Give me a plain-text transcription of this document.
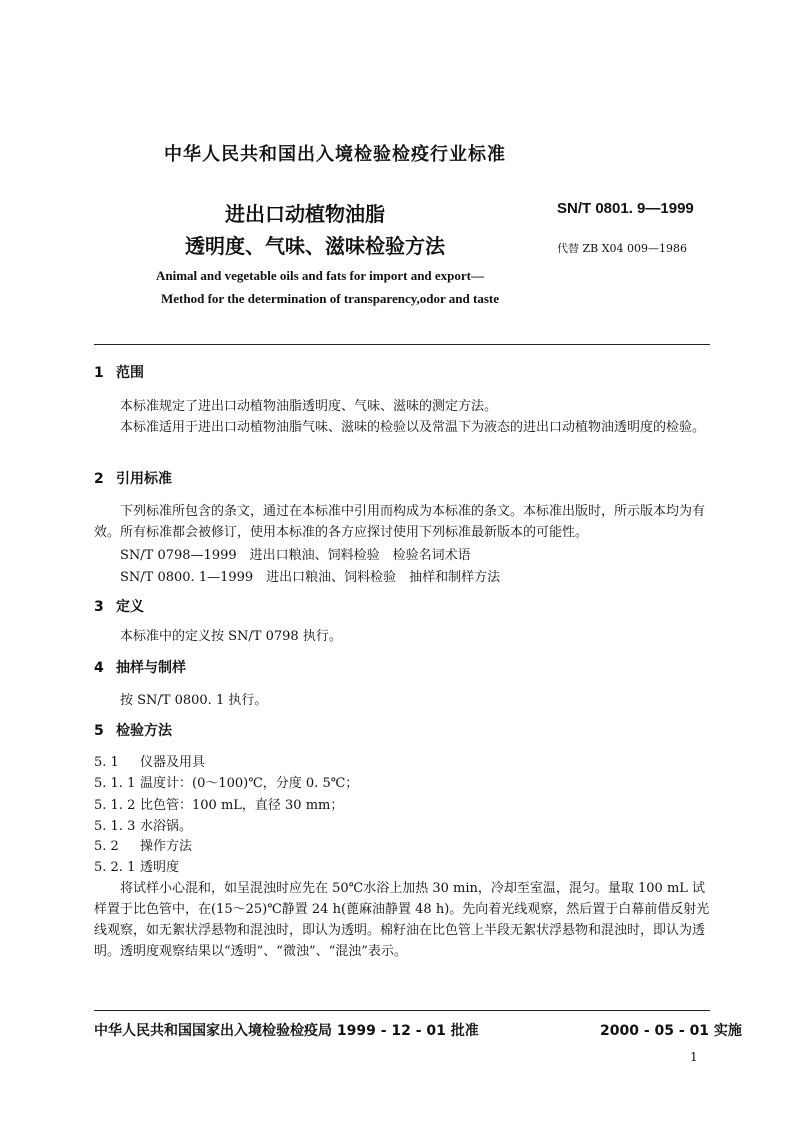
中华人民共和国出入境检验检疫行业标准
进出口动植物油脂
透明度、气味、滋味检验方法
SN/T 0801. 9—1999
代替 ZB X04 009—1986
Animal and vegetable oils and fats for import and export—
Method for the determination of transparency,odor and taste
1 范围
本标准规定了进出口动植物油脂透明度、气味、滋味的测定方法。
本标准适用于进出口动植物油脂气味、滋味的检验以及常温下为液态的进出口动植物油透明度的检验。
2 引用标准
下列标准所包含的条文，通过在本标准中引用而构成为本标准的条文。本标准出版时，所示版本均为有效。所有标准都会被修订，使用本标准的各方应探讨使用下列标准最新版本的可能性。
SN/T 0798—1999　进出口粮油、饲料检验　检验名词术语
SN/T 0800. 1—1999　进出口粮油、饲料检验　抽样和制样方法
3 定义
本标准中的定义按 SN/T 0798 执行。
4 抽样与制样
按 SN/T 0800. 1 执行。
5 检验方法
5. 1 仪器及用具
5. 1. 1 温度计：(0～100)℃，分度 0. 5℃；
5. 1. 2 比色管：100 mL，直径 30 mm；
5. 1. 3 水浴锅。
5. 2 操作方法
5. 2. 1 透明度
将试样小心混和，如呈混浊时应先在 50℃水浴上加热 30 min，冷却至室温，混匀。量取 100 mL 试样置于比色管中，在(15～25)℃静置 24 h(蓖麻油静置 48 h)。先向着光线观察，然后置于白幕前借反射光线观察，如无絮状浮悬物和混浊时，即认为透明。棉籽油在比色管上半段无絮状浮悬物和混浊时，即认为透明。透明度观察结果以“透明”、“微浊”、“混浊”表示。
中华人民共和国国家出入境检验检疫局 1999 - 12 - 01 批准	2000 - 05 - 01 实施
1
